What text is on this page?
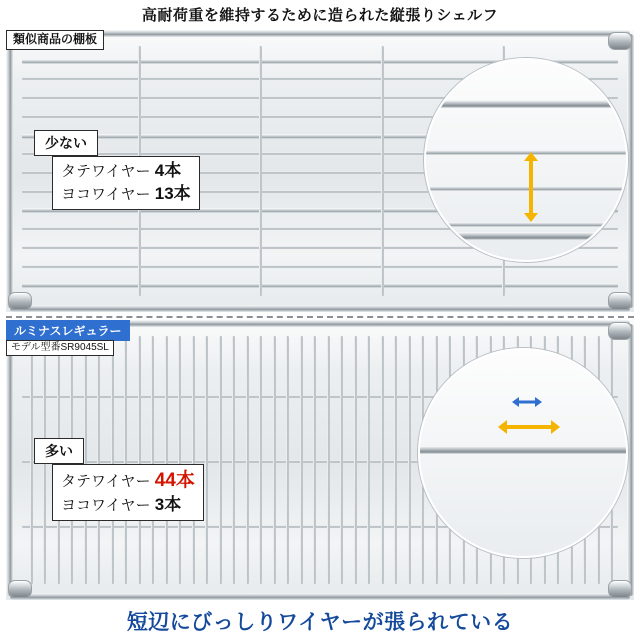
高耐荷重を維持するために造られた縦張りシェルフ
類似商品の棚板
少ない
タテワイヤー 4本
ヨコワイヤー 13本
ルミナスレギュラー
モデル型番SR9045SL
多い
タテワイヤー 44本
ヨコワイヤー 3本
短辺にびっしりワイヤーが張られている
